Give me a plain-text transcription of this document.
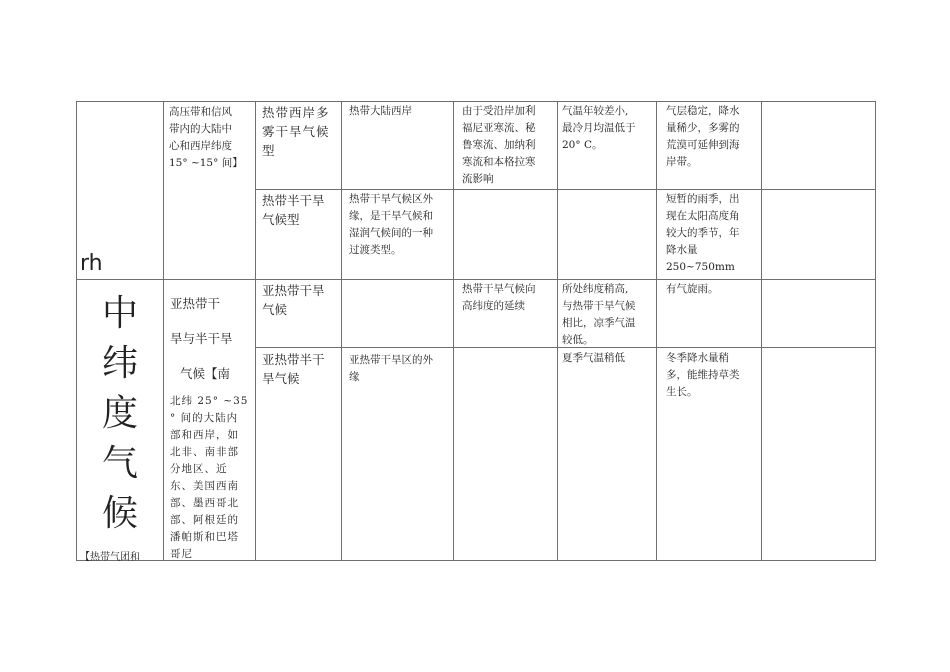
rh
中
纬
度
气
候
【热带气团和
高压带和信风
带内的大陆中
心和西岸纬度
15° ~15° 间】
亚热带干
旱与半干旱
气候【南
北纬 25° ~35
° 间的大陆内
部和西岸，如
北非、南非部
分地区、近
东、美国西南
部、墨西哥北
部、阿根廷的
潘帕斯和巴塔
哥尼
热带西岸多
雾干旱气候
型
热带大陆西岸	由于受沿岸加利
福尼亚寒流、秘
鲁寒流、加纳利
寒流和本格拉寒
流影响
气温年较差小,
最冷月均温低于
20° C。
气层稳定，降水
量稀少，多雾的
荒漠可延伸到海
岸带。
热带半干旱
气候型
热带干旱气候区外
缘，是干旱气候和
湿润气候间的一种
过渡类型。
短暂的雨季，出
现在太阳高度角
较大的季节，年
降水量
250~750mm
亚热带干旱
气候
热带干旱气候向
高纬度的延续
所处纬度稍高,
与热带干旱气候
相比，凉季气温
较低。
有气旋雨。
亚热带半干
旱气候
亚热带干旱区的外
缘
夏季气温稍低	冬季降水量稍
多，能维持草类
生长。
